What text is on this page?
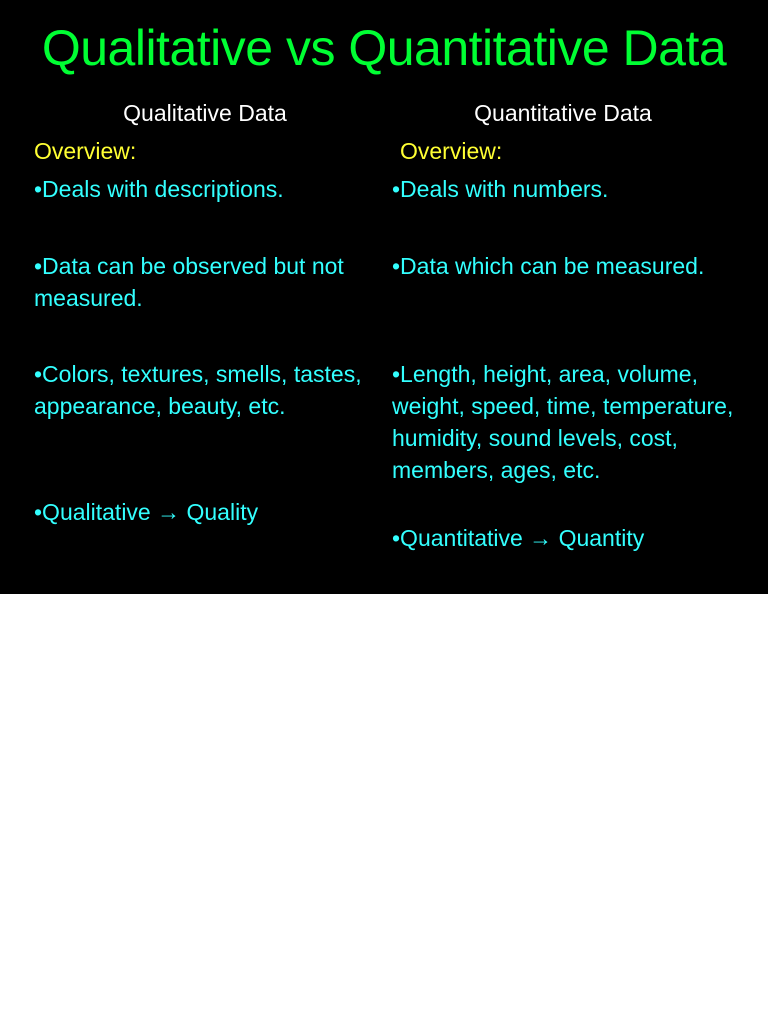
Qualitative vs Quantitative Data
Qualitative Data
Overview:
•Deals with descriptions.
•Data can be observed but not measured.
•Colors, textures, smells, tastes, appearance, beauty, etc.
•Qualitative → Quality
Quantitative Data
Overview:
•Deals with numbers.
•Data which can be measured.
•Length, height, area, volume, weight, speed, time, temperature, humidity, sound levels, cost, members, ages, etc.
•Quantitative → Quantity
